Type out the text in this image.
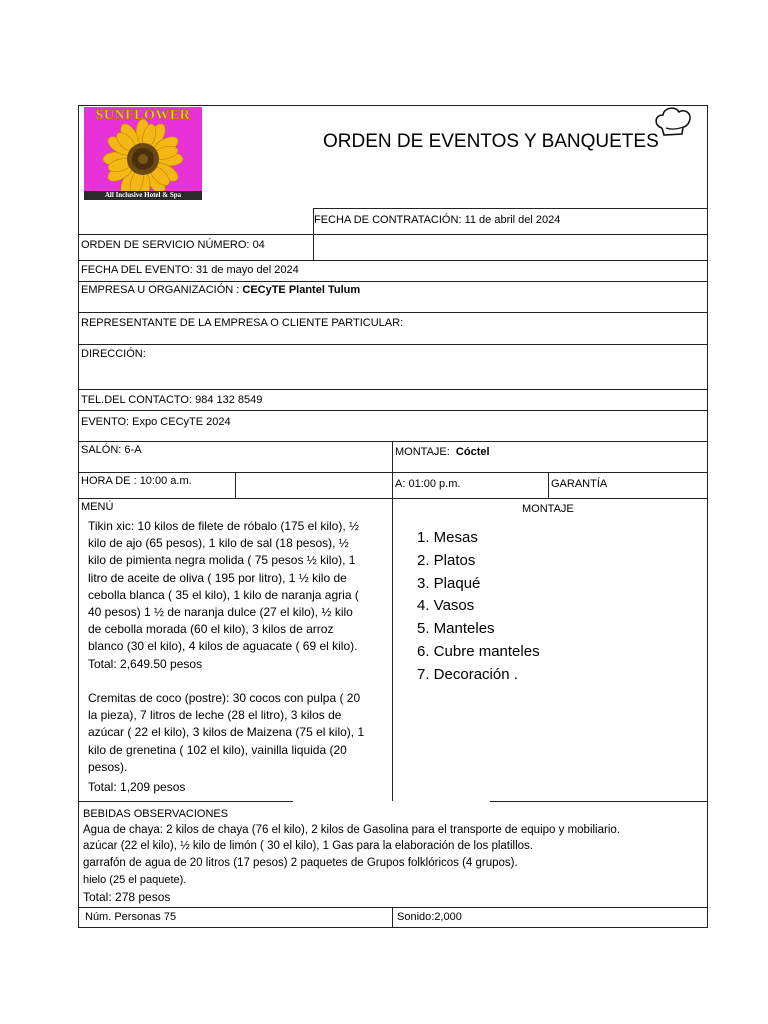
SUNFLOWER
All Inclusive Hotel & Spa
ORDEN DE EVENTOS Y BANQUETES
FECHA DE CONTRATACIÓN: 11 de abril del 2024
ORDEN DE SERVICIO NÚMERO: 04
FECHA DEL EVENTO: 31 de mayo del 2024
EMPRESA U ORGANIZACIÓN : CECyTE Plantel Tulum
REPRESENTANTE DE LA EMPRESA O CLIENTE PARTICULAR:
DIRECCIÓN:
TEL.DEL CONTACTO: 984 132 8549
EVENTO: Expo CECyTE 2024
SALÓN: 6-A	MONTAJE: Cóctel
HORA DE : 10:00 a.m.	A: 01:00 p.m.	GARANTÍA
MENÚ
Tikin xic: 10 kilos de filete de róbalo (175 el kilo), ½
kilo de ajo (65 pesos), 1 kilo de sal (18 pesos), ½
kilo de pimienta negra molida ( 75 pesos ½ kilo), 1
litro de aceite de oliva ( 195 por litro), 1 ½ kilo de
cebolla blanca ( 35 el kilo), 1 kilo de naranja agria (
40 pesos) 1 ½ de naranja dulce (27 el kilo), ½ kilo
de cebolla morada (60 el kilo), 3 kilos de arroz
blanco (30 el kilo), 4 kilos de aguacate ( 69 el kilo).
Total: 2,649.50 pesos
Cremitas de coco (postre): 30 cocos con pulpa ( 20
la pieza), 7 litros de leche (28 el litro), 3 kilos de
azúcar ( 22 el kilo), 3 kilos de Maizena (75 el kilo), 1
kilo de grenetina ( 102 el kilo), vainilla liquida (20
pesos).
Total: 1,209 pesos
MONTAJE
1. Mesas
2. Platos
3. Plaqué
4. Vasos
5. Manteles
6. Cubre manteles
7. Decoración .
BEBIDAS OBSERVACIONES
Agua de chaya: 2 kilos de chaya (76 el kilo), 2 kilos de Gasolina para el transporte de equipo y mobiliario.
azúcar (22 el kilo), ½ kilo de limón ( 30 el kilo), 1 Gas para la elaboración de los platillos.
garrafón de agua de 20 litros (17 pesos) 2 paquetes de Grupos folklóricos (4 grupos).
hielo (25 el paquete).
Total: 278 pesos
Núm. Personas 75	Sonido:2,000
